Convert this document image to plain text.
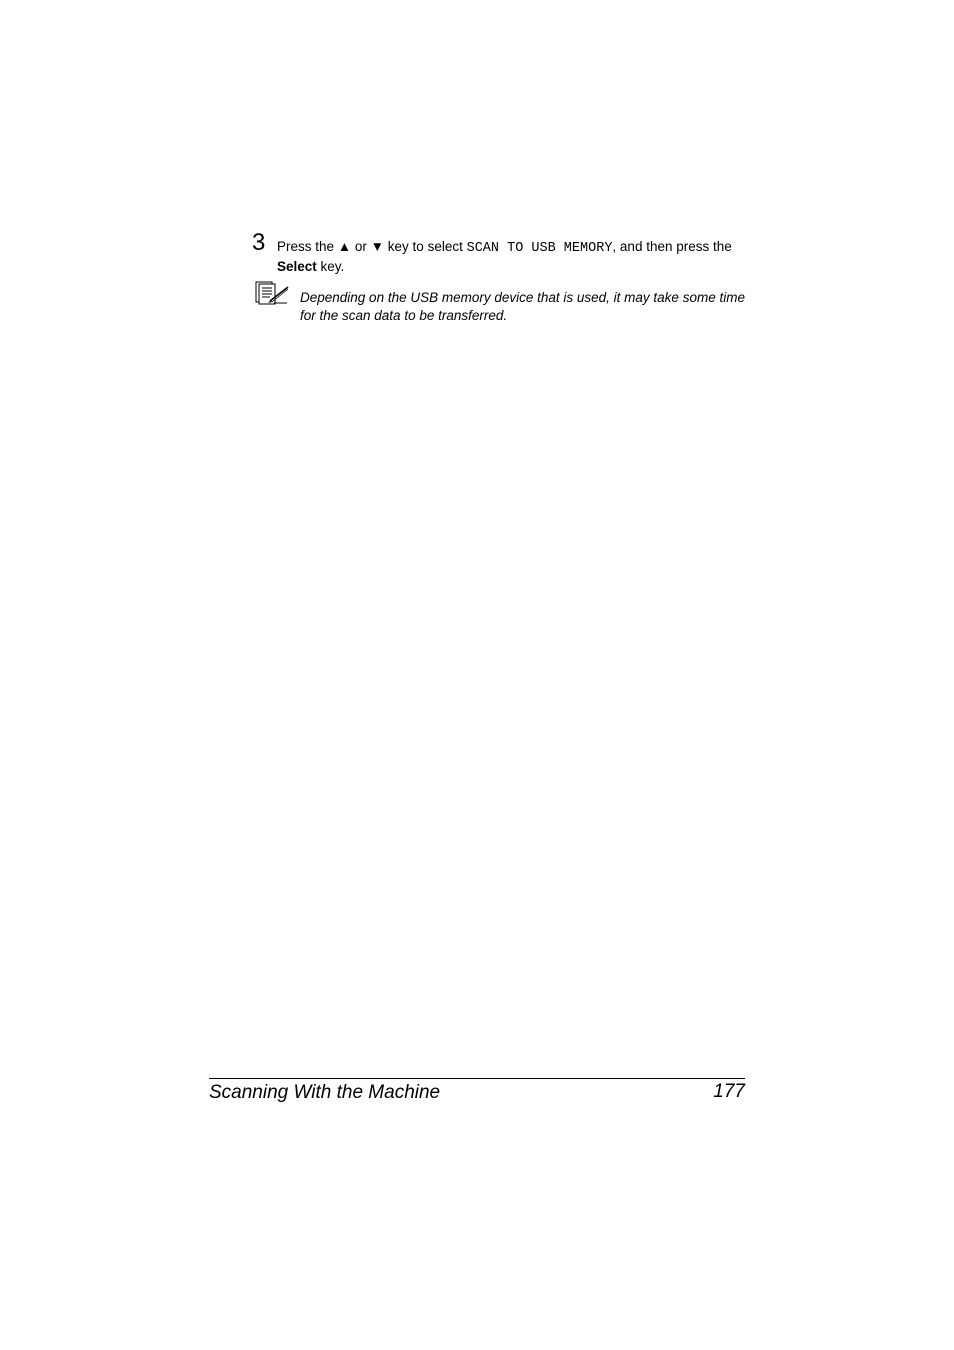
3 Press the ▲ or ▼ key to select SCAN TO USB MEMORY, and then press the Select key.
Depending on the USB memory device that is used, it may take some time for the scan data to be transferred.
Scanning With the Machine	177
